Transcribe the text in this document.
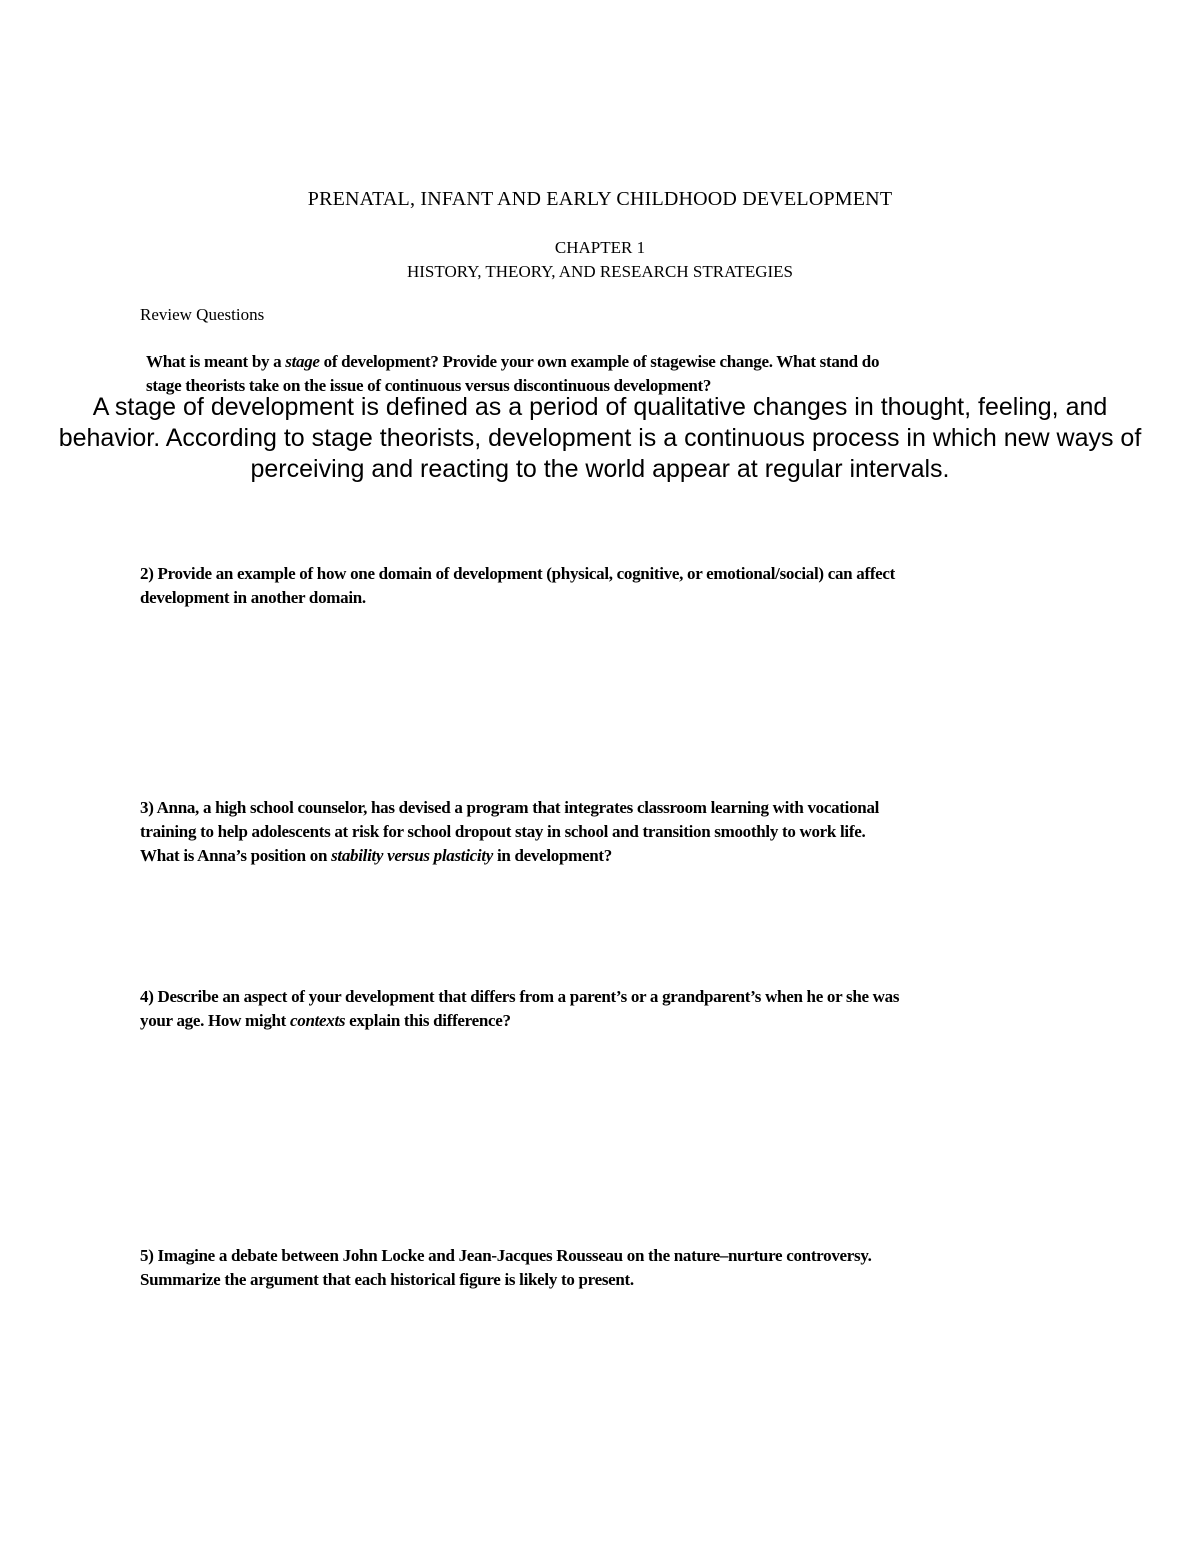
PRENATAL, INFANT AND EARLY CHILDHOOD DEVELOPMENT
CHAPTER 1
HISTORY, THEORY, AND RESEARCH STRATEGIES
Review Questions
What is meant by a stage of development? Provide your own example of stagewise change. What stand do
stage theorists take on the issue of continuous versus discontinuous development?
A stage of development is defined as a period of qualitative changes in thought, feeling, and
behavior. According to stage theorists, development is a continuous process in which new ways of
perceiving and reacting to the world appear at regular intervals.
2) Provide an example of how one domain of development (physical, cognitive, or emotional/social) can affect
development in another domain.
3) Anna, a high school counselor, has devised a program that integrates classroom learning with vocational
training to help adolescents at risk for school dropout stay in school and transition smoothly to work life.
What is Anna’s position on stability versus plasticity in development?
4) Describe an aspect of your development that differs from a parent’s or a grandparent’s when he or she was
your age. How might contexts explain this difference?
5) Imagine a debate between John Locke and Jean-Jacques Rousseau on the nature–nurture controversy.
Summarize the argument that each historical figure is likely to present.
